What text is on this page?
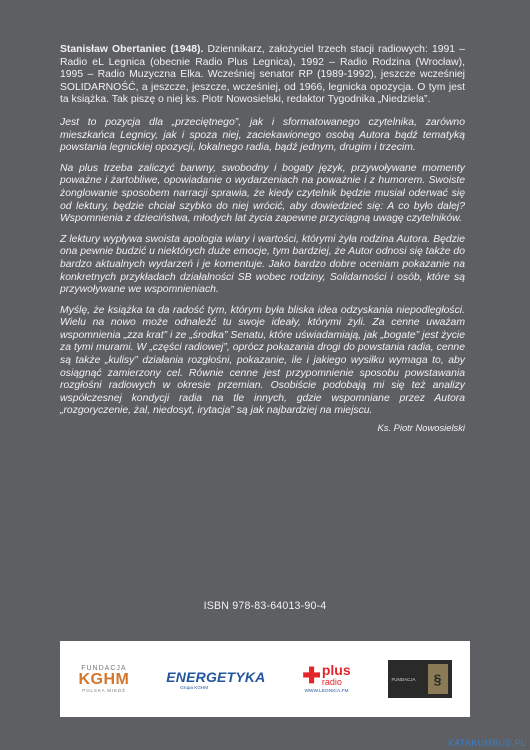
Stanisław Obertaniec (1948). Dziennikarz, założyciel trzech stacji radiowych: 1991 – Radio eL Legnica (obecnie Radio Plus Legnica), 1992 – Radio Rodzina (Wrocław), 1995 – Radio Muzyczna Elka. Wcześniej senator RP (1989-1992), jeszcze wcześniej SOLIDARNOŚĆ, a jeszcze, jeszcze, wcześniej, od 1966, legnicka opozycja. O tym jest ta książka. Tak piszę o niej ks. Piotr Nowosielski, redaktor Tygodnika „Niedziela”.

Jest to pozycja dla „przeciętnego”, jak i sformatowanego czytelnika, zarówno mieszkańca Legnicy, jak i spoza niej, zaciekawionego osobą Autora bądź tematyką powstania legnickiej opozycji, lokalnego radia, bądź jednym, drugim i trzecim.

Na plus trzeba zaliczyć barwny, swobodny i bogaty język, przywoływane momenty poważne i żartobliwe, opowiadanie o wydarzeniach na poważnie i z humorem. Swoiste żonglowanie sposobem narracji sprawia, że kiedy czytelnik będzie musiał oderwać się od lektury, będzie chciał szybko do niej wrócić, aby dowiedzieć się: A co było dalej? Wspomnienia z dzieciństwa, młodych lat życia zapewne przyciągną uwagę czytelników.

Z lektury wypływa swoista apologia wiary i wartości, którymi żyła rodzina Autora. Będzie ona pewnie budzić u niektórych duże emocje, tym bardziej, że Autor odnosi się także do bardzo aktualnych wydarzeń i je komentuje. Jako bardzo dobre oceniam pokazanie na konkretnych przykładach działalności SB wobec rodziny, Solidarności i osób, które są przywoływane we wspomnieniach.

Myślę, że książka ta da radość tym, którym była bliska idea odzyskania niepodległości. Wielu na nowo może odnaleźć tu swoje ideały, którymi żyli. Za cenne uważam wspomnienia „zza krat” i ze „środka” Senatu, które uświadamiają, jak „bogate” jest życie za tymi murami. W „części radiowej”, oprócz pokazania drogi do powstania radia, cenne są także „kulisy” działania rozgłośni, pokazanie, ile i jakiego wysiłku wymaga to, aby osiągnąć zamierzony cel. Równie cenne jest przypomnienie sposobu powstawania rozgłośni radiowych w okresie przemian. Osobiście podobają mi się też analizy współczesnej kondycji radia na tle innych, gdzie wspomniane przez Autora „rozgoryczenie, żal, niedosyt, irytacja” są jak najbardziej na miejscu.

Ks. Piotr Nowosielski
ISBN 978-83-64013-90-4
FUNDACJA
KGHM
POLSKA MIEDŹ
ENERGETYKA
Grupa KGHM	✚ plus
radio
WWW.LEGNICA.FM
FUNDACJA	§
KATAKUMBUS.PL
